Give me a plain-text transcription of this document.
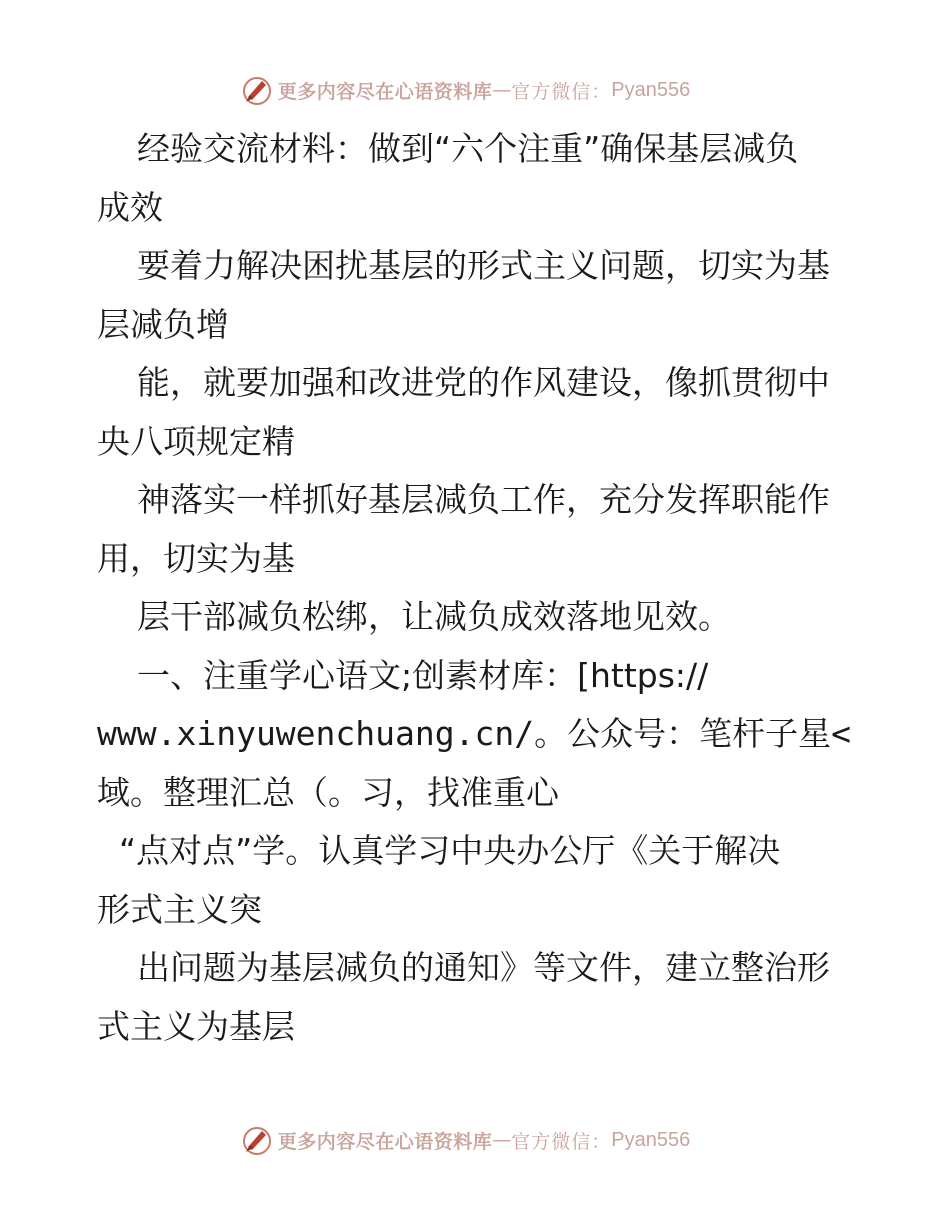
更多内容尽在心语资料库 — 官方微信： Pyan556
经验交流材料：做到“六个注重”确保基层减负
成效
要着力解决困扰基层的形式主义问题，切实为基
层减负增
能，就要加强和改进党的作风建设，像抓贯彻中
央八项规定精
神落实一样抓好基层减负工作，充分发挥职能作
用，切实为基
层干部减负松绑，让减负成效落地见效。
一、注重学心语文;创素材库：[https://
www.xinyuwenchuang.cn/。公众号：笔杆子星<
域。整理汇总（。习，找准重心
“点对点”学。认真学习中央办公厅《关于解决
形式主义突
出问题为基层减负的通知》等文件，建立整治形
式主义为基层
更多内容尽在心语资料库 — 官方微信： Pyan556
